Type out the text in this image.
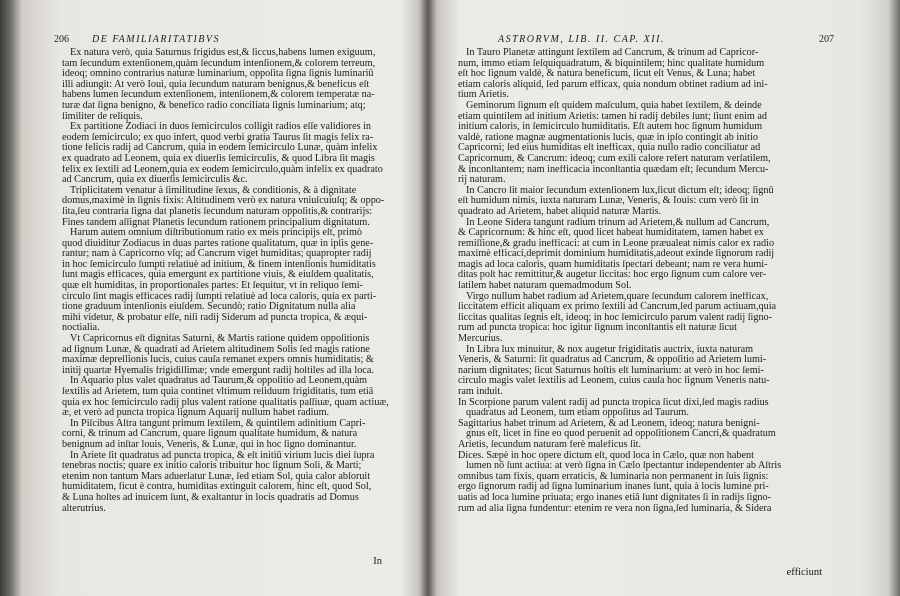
206 DE FAMILIARITATIBVS
Ex natura verò, quia Saturnus frigidus est,& ſiccus,habens lumen exiguum,
tam ſecundum extenſionem,quàm ſecundum intenſionem,& colorem terreum,
ideoq; omnino contrarius naturæ luminarium, oppoſita ſigna ſignis luminariū
illi adiungit: At verò Ioui, quia ſecundum naturam benignus,& beneficus eſt
habens lumen ſecundum extenſionem, intenſionem,& colorem temperatæ na-
turæ dat ſigna benigno, & benefico radio conciliata ſignis luminarium; atq;
ſimiliter de reliquis.
Ex partitione Zodiaci in duos ſemicirculos colligit radios eſſe validiores in
eodem ſemicirculo; ex quo infert, quod verbi gratia Taurus ſit magis felix ra-
tione felicis radij ad Cancrum, quia in eodem ſemicirculo Lunæ, quàm infelix
ex quadrato ad Leonem, quia ex diuerſis ſemicirculis, & quod Libra ſit magis
felix ex ſextili ad Leonem,quia ex eodem ſemicirculo,quàm infelix ex quadrato
ad Cancrum, quia ex diuerſis ſemicirculis &c.
Triplicitatem venatur à ſimilitudine ſexus, & conditionis, & à dignitate
domus,maximè in ſignis fixis: Altitudinem verò ex natura vniuſcuiuſq; & oppo-
ſita,ſeu contraria ſigna dat planetis ſecundum naturam oppoſitis,& contrarijs:
Fines tandem aſſignat Planetis ſecundum rationem principalium dignitatum.
Harum autem omnium diſtributionum ratio ex meis principijs eſt, primò
quod diuiditur Zodiacus in duas partes ratione qualitatum, quæ in ipſis gene-
rantur; nam à Capricorno vſq; ad Cancrum viget humiditas; quapropter radij
in hoc ſemicirculo ſumpti relatiuè ad initium, & finem intenſionis humiditatis
ſunt magis efficaces, quia emergunt ex partitione viuis, & eiuſdem qualitatis,
quæ eſt humiditas, in proportionales partes: Et ſequitur, vt in reliquo ſemi-
circulo ſint magis efficaces radij ſumpti relatiuè ad loca caloris, quia ex parti-
tione graduum intenſionis eiuſdem. Secundò; ratio Dignitatum nulla alia
mihi videtur, & probatur eſſe, niſi radij Siderum ad puncta tropica, & æqui-
noctialia.
Vt Capricornus eſt dignitas Saturni, & Martis ratione quidem oppoſitionis
ad ſignum Lunæ, & quadrati ad Arietem altitudinem Solis ſed magis ratione
maximæ depreſſionis lucis, cuius cauſa remanet expers omnis humiditatis; &
initij quartæ Hyemalis frigidiſſimæ; vnde emergunt radij hoſtiles ad illa loca.
In Aquario plus valet quadratus ad Taurum,& oppoſitio ad Leonem,quàm
ſextilis ad Arietem, tum quia continet vltimum reſiduum frigiditatis, tum etiā
quia ex hoc ſemicirculo radij plus valent ratione qualitatis paſſiuæ, quam actiuæ,
æ, et verò ad puncta tropica ſignum Aquarij nullum habet radium.
In Piſcibus Aſtra tangunt primum ſextilem, & quintilem adinitium Capri-
corni, & trinum ad Cancrum, quare ſignum qualitate humidum, & natura
benignum ad inſtar louis, Veneris, & Lunæ, qui in hoc ſigno dominantur.
In Ariete ſit quadratus ad puncta tropica, & eſt initiū virium lucis diei ſupra
tenebras noctis; quare ex initio caloris tribuitur hoc ſignum Soli, & Marti;
etenim non tantum Mars aduerſatur Lunæ, ſed etiam Sol, quia calor abſoruit
humiditatem, ficut è contra, humiditas extinguit calorem, hinc eſt, quod Sol,
& Luna hoſtes ad inuicem ſunt, & exaltantur in locis quadratis ad Domus
alterutrius.
In
ASTRORVM, LIB. II. CAP. XII.	207
In Tauro Planetæ attingunt ſextilem ad Cancrum, & trinum ad Capricor-
num, immo etiam ſeſquiquadratum, & biquintilem; hinc qualitate humidum
eſt hoc ſignum valdè, & natura beneficum, ſicut eſt Venus, & Luna; habet
etiam caloris aliquid, ſed parum efficax, quia nondum obtinet radium ad ini-
tium Arietis.
Geminorum ſignum eſt quidem maſculum, quia habet ſextilem, & deinde
etiam quintilem ad initium Arietis: tamen hi radij debiles ſunt; ſiunt enim ad
initium caloris, in ſemicirculo humiditatis. Eſt autem hoc ſignum humidum
valdè, ratione magnæ augmentationis lucis, quæ in ipſo contingit ab initio
Capricorni; ſed eius humiditas eſt inefficax, quia nullo radio conciliatur ad
Capricornum, & Cancrum: ideoq; cum exili calore refert naturam verſatilem,
& inconſtantem; nam inefficacia inconſtantia quædam eſt; ſecundum Mercu-
rij naturam.
In Cancro ſit maior ſecundum extenſionem lux,ſicut dictum eſt; ideoq; ſignū
eſt humidum nimis, iuxta naturam Lunæ, Veneris, & Iouis: cum verò ſit in
quadrato ad Arietem, habet aliquid naturæ Martis.
In Leone Sidera tangunt radium trinum ad Arietem,& nullum ad Cancrum,
& Capricornum: & hinc eſt, quod licet habeat humiditatem, tamen habet ex
remiſſione,& gradu inefficaci: at cum in Leone præualeat nimis calor ex radio
maximè efficaci,deprimit dominium humiditatis,adeout exinde ſignorum radij
magis ad loca caloris, quam humiditatis ſpectari debeant; nam re vera humi-
ditas poſt hac remittitur,& augetur ſiccitas: hoc ergo ſignum cum calore ver-
ſatilem habet naturam quemadmodum Sol.
Virgo nullum habet radium ad Arietem,quare ſecundum calorem inefficax,
ſiccitatem efficit aliquam ex primo ſextili ad Cancrum,ſed parum actiuam,quia
ſiccitas qualitas ſegnis eſt, ideoq; in hoc ſemicirculo parum valent radij ſigno-
rum ad puncta tropica: hoc igitur ſignum inconſtantis eſt naturæ ſicut
Mercurius.
In Libra lux minuitur, & nox augetur frigiditatis auctrix, iuxta naturam
Veneris, & Saturni: ſit quadratus ad Cancrum, & oppoſitio ad Arietem lumi-
narium dignitates; ſicut Saturnus hoſtis eſt luminarium: at verò in hoc ſemi-
circulo magis valet ſextilis ad Leonem, cuius cauſa hoc ſignum Veneris natu-
ram induit.
In Scorpione parum valent radij ad puncta tropica ſicut dixi,ſed magis radius
quadratus ad Leonem, tum etiam oppoſitus ad Taurum.
Sagittarius habet trinum ad Arietem, & ad Leonem, ideoq; natura benigni-
gnus eſt, licet in fine eo quod peruenit ad oppoſitionem Cancri,& quadratum
Arietis, ſecundum naturam ferè maleficus ſit.
Dices. Sæpè in hoc opere dictum eſt, quod loca in Cælo, quæ non habent
lumen nō ſunt actiua: at verò ſigna in Cælo ſpectantur independenter ab Aſtris
omnibus tam fixis, quam erraticis, & luminaria non permanent in ſuis ſignis:
ergo ſignorum radij ad ſigna luminarium inanes ſunt, quia à locis lumine pri-
uatis ad loca lumine priuata; ergo inanes etiā ſunt dignitates ſi in radijs ſigno-
rum ad alia ſigna fundentur: etenim re vera non ſigna,ſed luminaria, & Sidera
efficiunt
